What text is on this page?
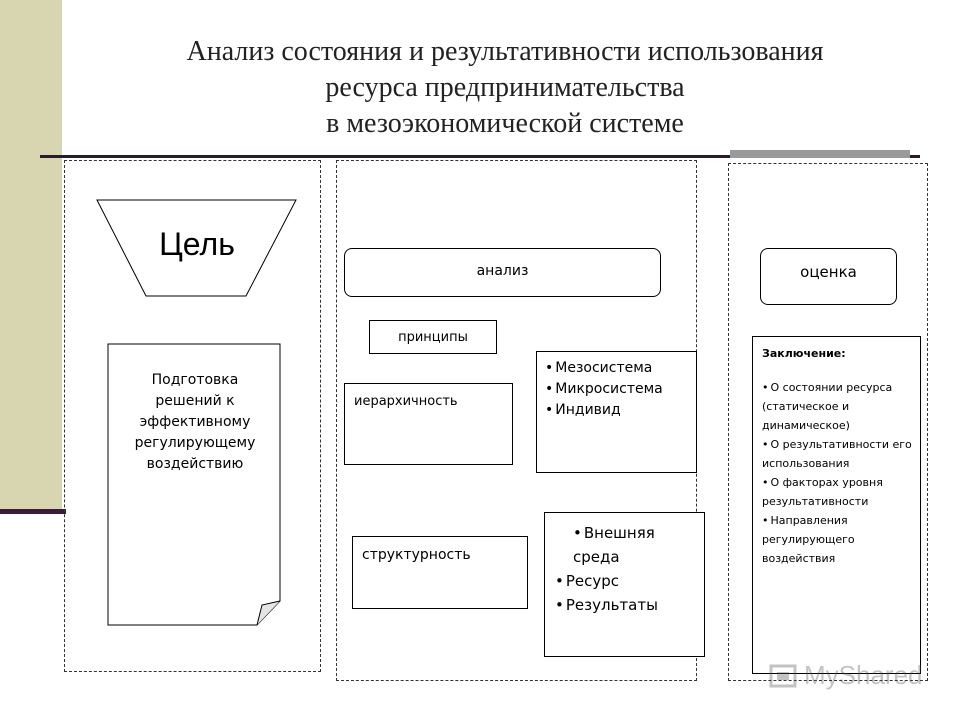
Анализ состояния и результативности использования
ресурса предпринимательства
в мезоэкономической системе
Цель
Подготовка решений к эффективному регулирующему воздействию
анализ
принципы
иерархичность
• Мезосистема
• Микросистема
• Индивид
структурность
• Внешняя среда
• Ресурс
• Результаты
оценка
Заключение:
• О состоянии ресурса (статическое и динамическое)
• О результативности его использования
• О факторах уровня результативности
• Направления регулирующего воздействия
MyShared
